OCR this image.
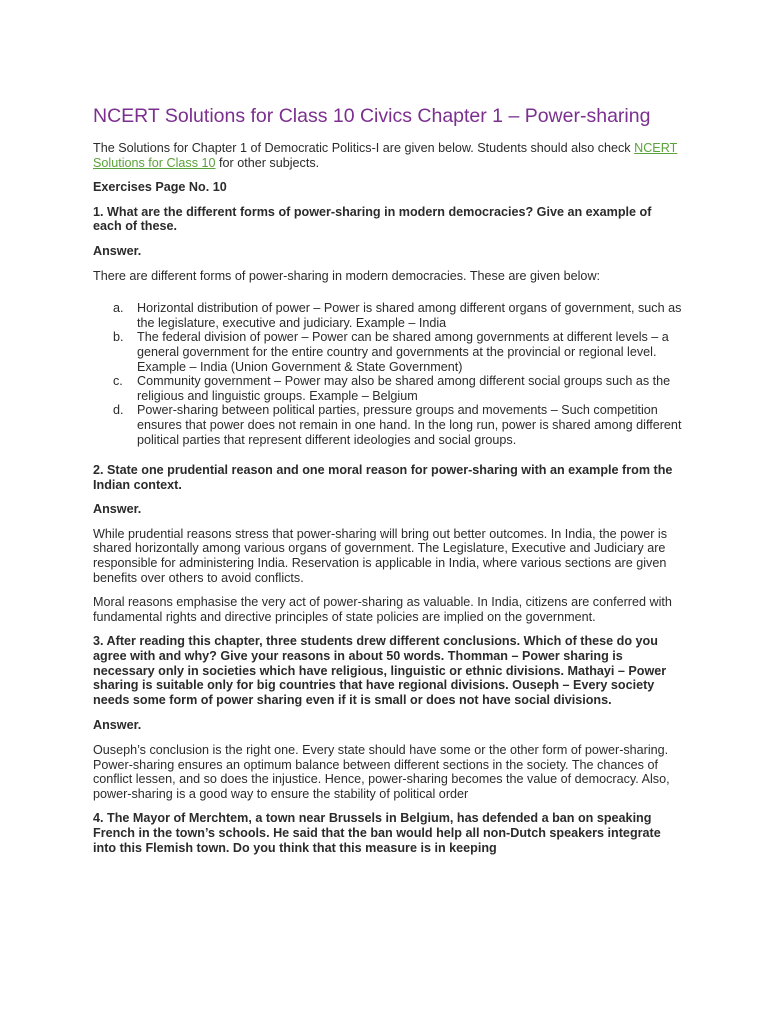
NCERT Solutions for Class 10 Civics Chapter 1 – Power-sharing

The Solutions for Chapter 1 of Democratic Politics-I are given below. Students should also check NCERT Solutions for Class 10 for other subjects.

Exercises Page No. 10

1. What are the different forms of power-sharing in modern democracies? Give an example of each of these.

Answer.

There are different forms of power-sharing in modern democracies. These are given below:

a. Horizontal distribution of power – Power is shared among different organs of government, such as the legislature, executive and judiciary. Example – India
b. The federal division of power – Power can be shared among governments at different levels – a general government for the entire country and governments at the provincial or regional level. Example – India (Union Government & State Government)
c. Community government – Power may also be shared among different social groups such as the religious and linguistic groups. Example – Belgium
d. Power-sharing between political parties, pressure groups and movements – Such competition ensures that power does not remain in one hand. In the long run, power is shared among different political parties that represent different ideologies and social groups.

2. State one prudential reason and one moral reason for power-sharing with an example from the Indian context.

Answer.

While prudential reasons stress that power-sharing will bring out better outcomes. In India, the power is shared horizontally among various organs of government. The Legislature, Executive and Judiciary are responsible for administering India. Reservation is applicable in India, where various sections are given benefits over others to avoid conflicts.

Moral reasons emphasise the very act of power-sharing as valuable. In India, citizens are conferred with fundamental rights and directive principles of state policies are implied on the government.

3. After reading this chapter, three students drew different conclusions. Which of these do you agree with and why? Give your reasons in about 50 words. Thomman – Power sharing is necessary only in societies which have religious, linguistic or ethnic divisions. Mathayi – Power sharing is suitable only for big countries that have regional divisions. Ouseph – Every society needs some form of power sharing even if it is small or does not have social divisions.

Answer.

Ouseph’s conclusion is the right one. Every state should have some or the other form of power-sharing. Power-sharing ensures an optimum balance between different sections in the society. The chances of conflict lessen, and so does the injustice. Hence, power-sharing becomes the value of democracy. Also, power-sharing is a good way to ensure the stability of political order

4. The Mayor of Merchtem, a town near Brussels in Belgium, has defended a ban on speaking French in the town’s schools. He said that the ban would help all non-Dutch speakers integrate into this Flemish town. Do you think that this measure is in keeping
